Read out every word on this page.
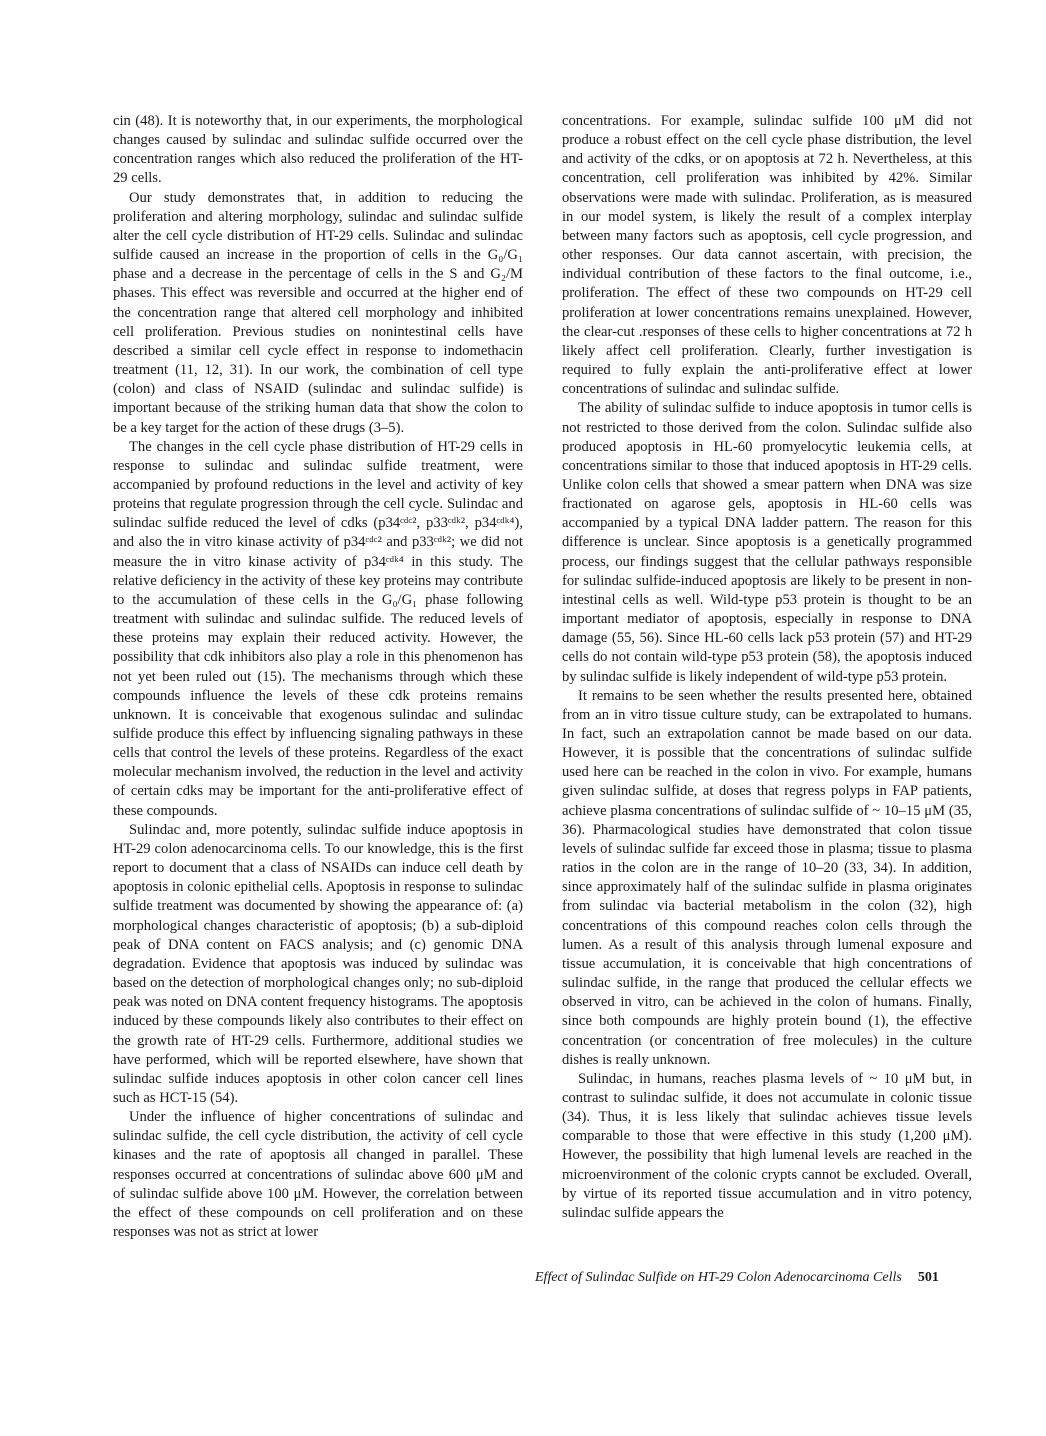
cin (48). It is noteworthy that, in our experiments, the morphological changes caused by sulindac and sulindac sulfide occurred over the concentration ranges which also reduced the proliferation of the HT-29 cells.

Our study demonstrates that, in addition to reducing the proliferation and altering morphology, sulindac and sulindac sulfide alter the cell cycle distribution of HT-29 cells. Sulindac and sulindac sulfide caused an increase in the proportion of cells in the G₀/G₁ phase and a decrease in the percentage of cells in the S and G₂/M phases. This effect was reversible and occurred at the higher end of the concentration range that altered cell morphology and inhibited cell proliferation. Previous studies on nonintestinal cells have described a similar cell cycle effect in response to indomethacin treatment (11, 12, 31). In our work, the combination of cell type (colon) and class of NSAID (sulindac and sulindac sulfide) is important because of the striking human data that show the colon to be a key target for the action of these drugs (3–5).

The changes in the cell cycle phase distribution of HT-29 cells in response to sulindac and sulindac sulfide treatment, were accompanied by profound reductions in the level and activity of key proteins that regulate progression through the cell cycle. Sulindac and sulindac sulfide reduced the level of cdks (p34ᶜᵈᶜ², p33ᶜᵈᵏ², p34ᶜᵈᵏ⁴), and also the in vitro kinase activity of p34ᶜᵈᶜ² and p33ᶜᵈᵏ²; we did not measure the in vitro kinase activity of p34ᶜᵈᵏ⁴ in this study. The relative deficiency in the activity of these key proteins may contribute to the accumulation of these cells in the G₀/G₁ phase following treatment with sulindac and sulindac sulfide. The reduced levels of these proteins may explain their reduced activity. However, the possibility that cdk inhibitors also play a role in this phenomenon has not yet been ruled out (15). The mechanisms through which these compounds influence the levels of these cdk proteins remains unknown. It is conceivable that exogenous sulindac and sulindac sulfide produce this effect by influencing signaling pathways in these cells that control the levels of these proteins. Regardless of the exact molecular mechanism involved, the reduction in the level and activity of certain cdks may be important for the anti-proliferative effect of these compounds.

Sulindac and, more potently, sulindac sulfide induce apoptosis in HT-29 colon adenocarcinoma cells. To our knowledge, this is the first report to document that a class of NSAIDs can induce cell death by apoptosis in colonic epithelial cells. Apoptosis in response to sulindac sulfide treatment was documented by showing the appearance of: (a) morphological changes characteristic of apoptosis; (b) a sub-diploid peak of DNA content on FACS analysis; and (c) genomic DNA degradation. Evidence that apoptosis was induced by sulindac was based on the detection of morphological changes only; no sub-diploid peak was noted on DNA content frequency histograms. The apoptosis induced by these compounds likely also contributes to their effect on the growth rate of HT-29 cells. Furthermore, additional studies we have performed, which will be reported elsewhere, have shown that sulindac sulfide induces apoptosis in other colon cancer cell lines such as HCT-15 (54).

Under the influence of higher concentrations of sulindac and sulindac sulfide, the cell cycle distribution, the activity of cell cycle kinases and the rate of apoptosis all changed in parallel. These responses occurred at concentrations of sulindac above 600 μM and of sulindac sulfide above 100 μM. However, the correlation between the effect of these compounds on cell proliferation and on these responses was not as strict at lower

concentrations. For example, sulindac sulfide 100 μM did not produce a robust effect on the cell cycle phase distribution, the level and activity of the cdks, or on apoptosis at 72 h. Nevertheless, at this concentration, cell proliferation was inhibited by 42%. Similar observations were made with sulindac. Proliferation, as is measured in our model system, is likely the result of a complex interplay between many factors such as apoptosis, cell cycle progression, and other responses. Our data cannot ascertain, with precision, the individual contribution of these factors to the final outcome, i.e., proliferation. The effect of these two compounds on HT-29 cell proliferation at lower concentrations remains unexplained. However, the clear-cut .responses of these cells to higher concentrations at 72 h likely affect cell proliferation. Clearly, further investigation is required to fully explain the anti-proliferative effect at lower concentrations of sulindac and sulindac sulfide.

The ability of sulindac sulfide to induce apoptosis in tumor cells is not restricted to those derived from the colon. Sulindac sulfide also produced apoptosis in HL-60 promyelocytic leukemia cells, at concentrations similar to those that induced apoptosis in HT-29 cells. Unlike colon cells that showed a smear pattern when DNA was size fractionated on agarose gels, apoptosis in HL-60 cells was accompanied by a typical DNA ladder pattern. The reason for this difference is unclear. Since apoptosis is a genetically programmed process, our findings suggest that the cellular pathways responsible for sulindac sulfide-induced apoptosis are likely to be present in non-intestinal cells as well. Wild-type p53 protein is thought to be an important mediator of apoptosis, especially in response to DNA damage (55, 56). Since HL-60 cells lack p53 protein (57) and HT-29 cells do not contain wild-type p53 protein (58), the apoptosis induced by sulindac sulfide is likely independent of wild-type p53 protein.

It remains to be seen whether the results presented here, obtained from an in vitro tissue culture study, can be extrapolated to humans. In fact, such an extrapolation cannot be made based on our data. However, it is possible that the concentrations of sulindac sulfide used here can be reached in the colon in vivo. For example, humans given sulindac sulfide, at doses that regress polyps in FAP patients, achieve plasma concentrations of sulindac sulfide of ~ 10–15 μM (35, 36). Pharmacological studies have demonstrated that colon tissue levels of sulindac sulfide far exceed those in plasma; tissue to plasma ratios in the colon are in the range of 10–20 (33, 34). In addition, since approximately half of the sulindac sulfide in plasma originates from sulindac via bacterial metabolism in the colon (32), high concentrations of this compound reaches colon cells through the lumen. As a result of this analysis through lumenal exposure and tissue accumulation, it is conceivable that high concentrations of sulindac sulfide, in the range that produced the cellular effects we observed in vitro, can be achieved in the colon of humans. Finally, since both compounds are highly protein bound (1), the effective concentration (or concentration of free molecules) in the culture dishes is really unknown.

Sulindac, in humans, reaches plasma levels of ~ 10 μM but, in contrast to sulindac sulfide, it does not accumulate in colonic tissue (34). Thus, it is less likely that sulindac achieves tissue levels comparable to those that were effective in this study (1,200 μM). However, the possibility that high lumenal levels are reached in the microenvironment of the colonic crypts cannot be excluded. Overall, by virtue of its reported tissue accumulation and in vitro potency, sulindac sulfide appears the

Effect of Sulindac Sulfide on HT-29 Colon Adenocarcinoma Cells 501
